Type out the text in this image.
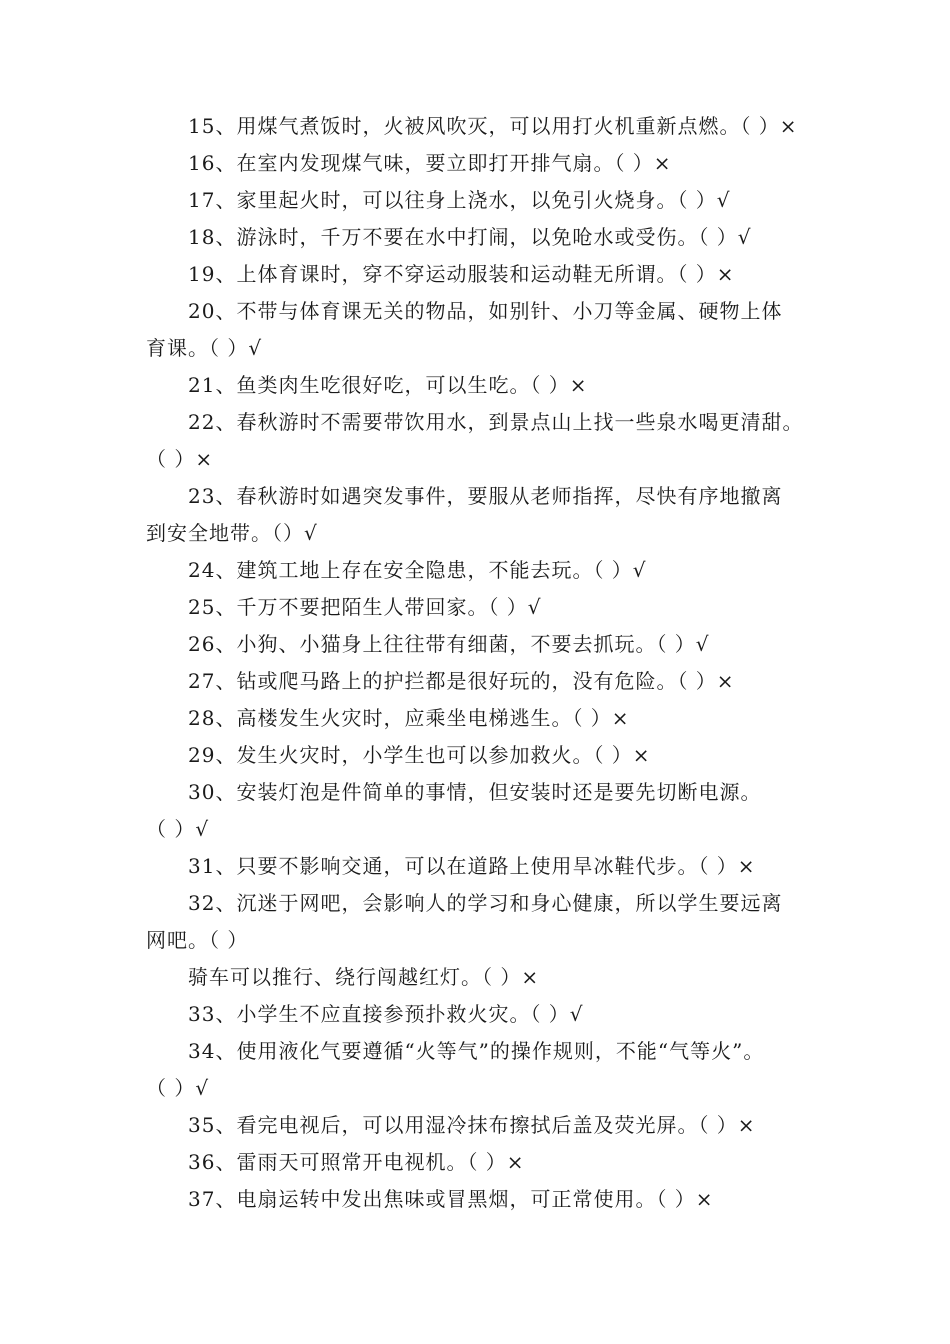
15、用煤气煮饭时，火被风吹灭，可以用打火机重新点燃。（ ）×
16、在室内发现煤气味，要立即打开排气扇。（ ）×
17、家里起火时，可以往身上浇水，以免引火烧身。（ ）√
18、游泳时，千万不要在水中打闹，以免呛水或受伤。（ ）√
19、上体育课时，穿不穿运动服装和运动鞋无所谓。（ ）×
20、不带与体育课无关的物品，如别针、小刀等金属、硬物上体
育课。（ ）√
21、鱼类肉生吃很好吃，可以生吃。（ ）×
22、春秋游时不需要带饮用水，到景点山上找一些泉水喝更清甜。
（ ）×
23、春秋游时如遇突发事件，要服从老师指挥，尽快有序地撤离
到安全地带。（）√
24、建筑工地上存在安全隐患，不能去玩。（ ）√
25、千万不要把陌生人带回家。（ ）√
26、小狗、小猫身上往往带有细菌，不要去抓玩。（ ）√
27、钻或爬马路上的护拦都是很好玩的，没有危险。（ ）×
28、高楼发生火灾时，应乘坐电梯逃生。（ ）×
29、发生火灾时，小学生也可以参加救火。（ ）×
30、安装灯泡是件简单的事情，但安装时还是要先切断电源。
（ ）√
31、只要不影响交通，可以在道路上使用旱冰鞋代步。（ ）×
32、沉迷于网吧，会影响人的学习和身心健康，所以学生要远离
网吧。（ ）
骑车可以推行、绕行闯越红灯。（ ）×
33、小学生不应直接参预扑救火灾。（ ）√
34、使用液化气要遵循“火等气”的操作规则，不能“气等火”。
（ ）√
35、看完电视后，可以用湿冷抹布擦拭后盖及荧光屏。（ ）×
36、雷雨天可照常开电视机。（ ）×
37、电扇运转中发出焦味或冒黑烟，可正常使用。（ ）×
